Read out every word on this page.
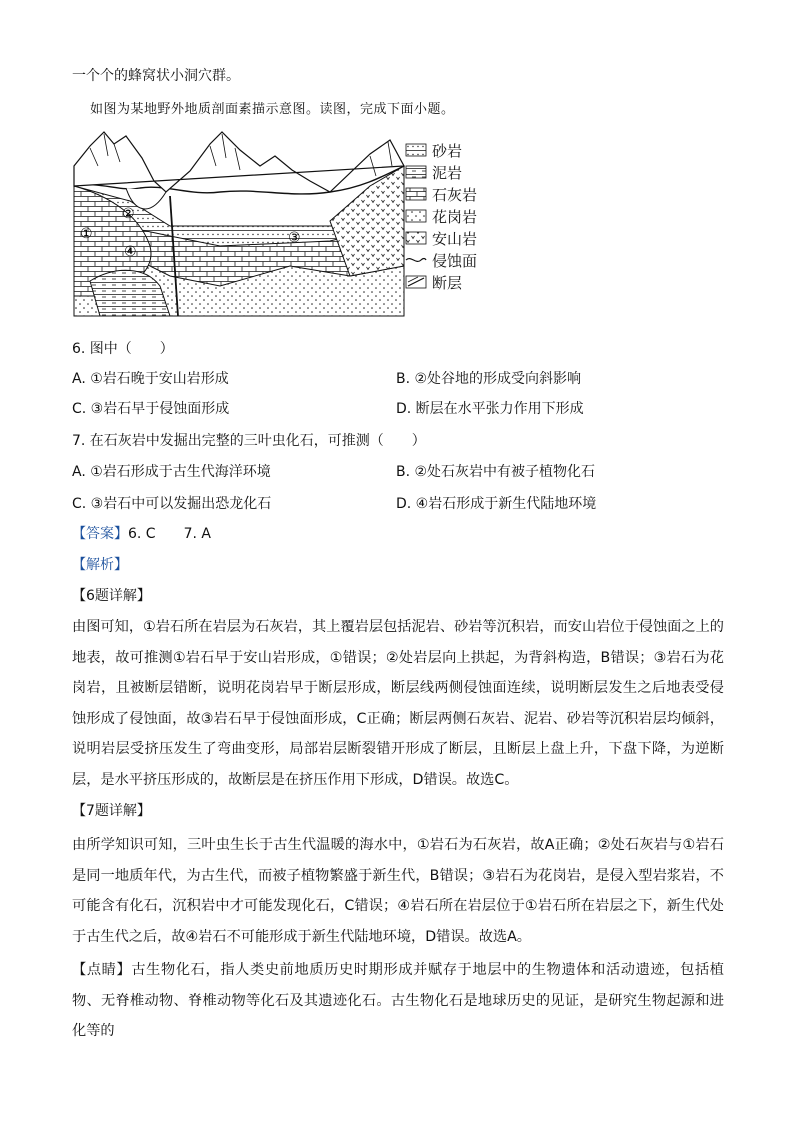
一个个的蜂窝状小洞穴群。
如图为某地野外地质剖面素描示意图。读图，完成下面小题。
①
②
③
④
砂岩
泥岩
石灰岩
花岗岩
安山岩
侵蚀面
断层
6. 图中（　　）
A. ①岩石晚于安山岩形成	B. ②处谷地的形成受向斜影响
C. ③岩石早于侵蚀面形成	D. 断层在水平张力作用下形成
7. 在石灰岩中发掘出完整的三叶虫化石，可推测（　　）
A. ①岩石形成于古生代海洋环境	B. ②处石灰岩中有被子植物化石
C. ③岩石中可以发掘出恐龙化石	D. ④岩石形成于新生代陆地环境
【答案】6. C　　7. A
【解析】
【6题详解】
由图可知，①岩石所在岩层为石灰岩，其上覆岩层包括泥岩、砂岩等沉积岩，而安山岩位于侵蚀面之上的地表，故可推测①岩石早于安山岩形成，①错误；②处岩层向上拱起，为背斜构造，B错误；③岩石为花岗岩，且被断层错断，说明花岗岩早于断层形成，断层线两侧侵蚀面连续，说明断层发生之后地表受侵蚀形成了侵蚀面，故③岩石早于侵蚀面形成，C正确；断层两侧石灰岩、泥岩、砂岩等沉积岩层均倾斜，说明岩层受挤压发生了弯曲变形，局部岩层断裂错开形成了断层，且断层上盘上升，下盘下降，为逆断层，是水平挤压形成的，故断层是在挤压作用下形成，D错误。故选C。
【7题详解】
由所学知识可知，三叶虫生长于古生代温暖的海水中，①岩石为石灰岩，故A正确；②处石灰岩与①岩石是同一地质年代，为古生代，而被子植物繁盛于新生代，B错误；③岩石为花岗岩，是侵入型岩浆岩，不可能含有化石，沉积岩中才可能发现化石，C错误；④岩石所在岩层位于①岩石所在岩层之下，新生代处于古生代之后，故④岩石不可能形成于新生代陆地环境，D错误。故选A。
【点睛】古生物化石，指人类史前地质历史时期形成并赋存于地层中的生物遗体和活动遗迹，包括植物、无脊椎动物、脊椎动物等化石及其遗迹化石。古生物化石是地球历史的见证，是研究生物起源和进化等的
